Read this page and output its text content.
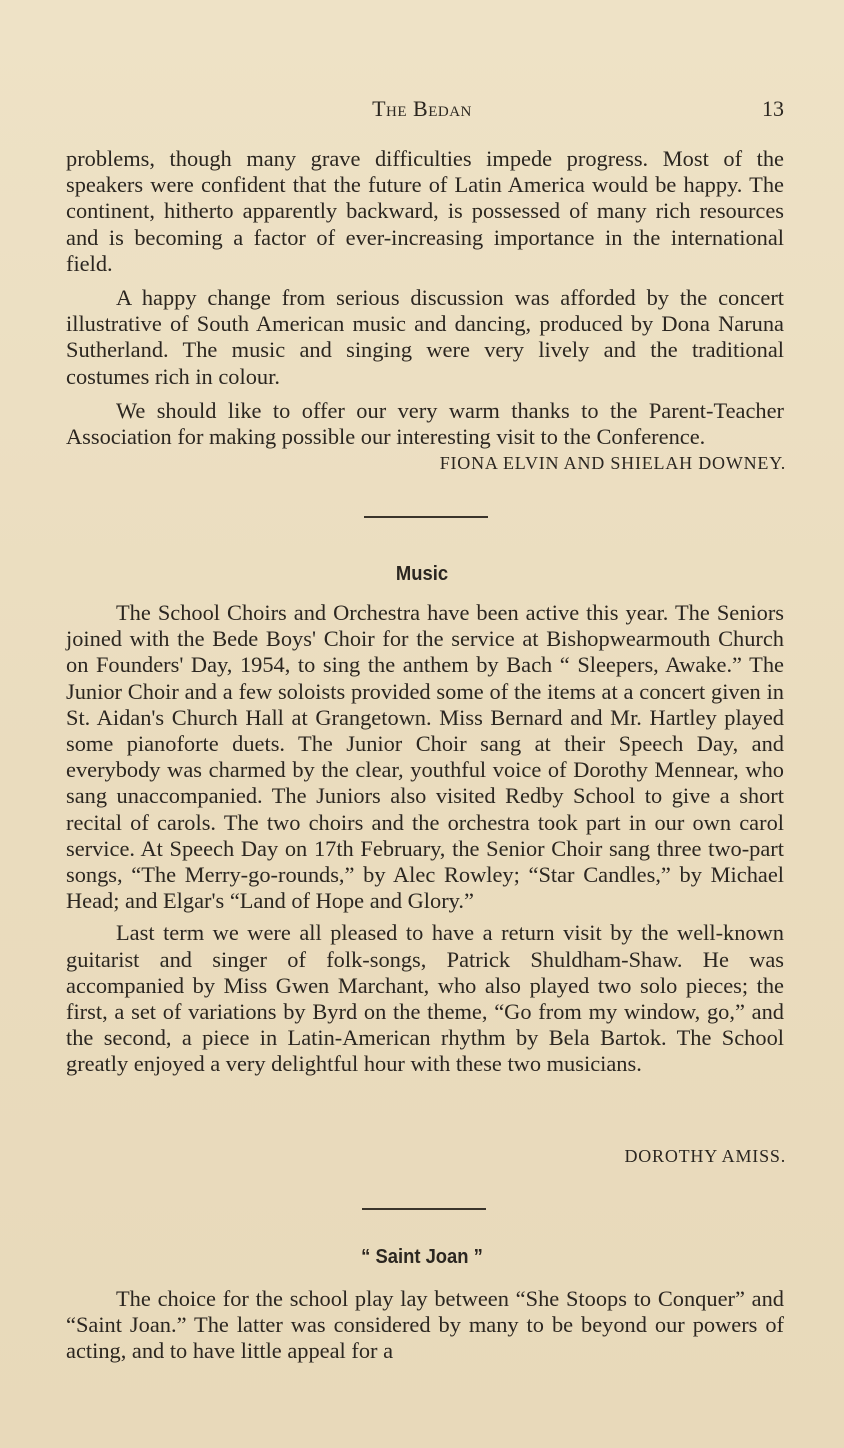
The Bedan	13

problems, though many grave difficulties impede progress. Most of the speakers were confident that the future of Latin America would be happy. The continent, hitherto apparently backward, is possessed of many rich resources and is becoming a factor of ever-increasing importance in the international field.

A happy change from serious discussion was afforded by the concert illustrative of South American music and dancing, produced by Dona Naruna Sutherland. The music and singing were very lively and the traditional costumes rich in colour.

We should like to offer our very warm thanks to the Parent-Teacher Association for making possible our interesting visit to the Conference.

FIONA ELVIN AND SHIELAH DOWNEY.
Music

The School Choirs and Orchestra have been active this year. The Seniors joined with the Bede Boys' Choir for the service at Bishopwearmouth Church on Founders' Day, 1954, to sing the anthem by Bach “ Sleepers, Awake.” The Junior Choir and a few soloists provided some of the items at a concert given in St. Aidan's Church Hall at Grangetown. Miss Bernard and Mr. Hartley played some pianoforte duets. The Junior Choir sang at their Speech Day, and everybody was charmed by the clear, youthful voice of Dorothy Mennear, who sang unaccompanied. The Juniors also visited Redby School to give a short recital of carols. The two choirs and the orchestra took part in our own carol service. At Speech Day on 17th February, the Senior Choir sang three two-part songs, “The Merry-go-rounds,” by Alec Rowley; “Star Candles,” by Michael Head; and Elgar's “Land of Hope and Glory.”

Last term we were all pleased to have a return visit by the well-known guitarist and singer of folk-songs, Patrick Shuldham-Shaw. He was accompanied by Miss Gwen Marchant, who also played two solo pieces; the first, a set of variations by Byrd on the theme, “Go from my window, go,” and the second, a piece in Latin-American rhythm by Bela Bartok. The School greatly enjoyed a very delightful hour with these two musicians.

DOROTHY AMISS.
“ Saint Joan ”

The choice for the school play lay between “She Stoops to Conquer” and “Saint Joan.” The latter was considered by many to be beyond our powers of acting, and to have little appeal for a
